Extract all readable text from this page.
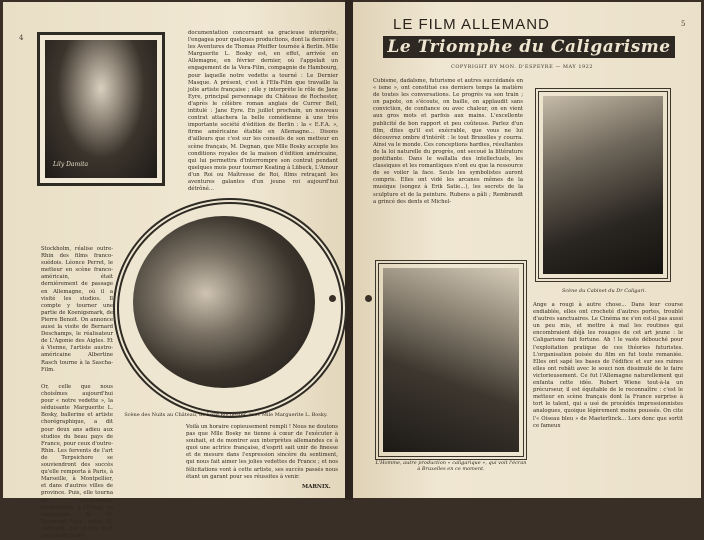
4
Lily Damita
documentation concernant sa gracieuse interprète, l'engagea pour quelques productions, dont la dernière : les Aventures de Thomas Pfeiffer tournée à Berlin. Mlle Marguerite L. Bosky est, en effet, arrivée en Allemagne, en février dernier, où l'appelait un engagement de la Vera-Film, compagnie de Hambourg, pour laquelle notre vedette a tourné : Le Dernier Masque. A présent, c'est à l'Efa-Film que travaille la jolie artiste française ; elle y interprète le rôle de Jane Eyre, principal personnage du Château de Rochester, d'après le célèbre roman anglais de Currer Bell, intitulé : Jane Eyre. En juillet prochain, un nouveau contrat attachera la belle comédienne à une très importante société d'édition de Berlin : la « E.F.A. », firme américaine établie en Allemagne... Disons d'ailleurs que c'est sur les conseils de son metteur en scène français, M. Degnan, que Mlle Bosky accepte les conditions royales de la maison d'édition américaine, qui lui permettra d'interrompre son contrat pendant quelques mois pour tourner Keating à Lübeck, L'Amour d'un Roi ou Maîtresse de Roi, films retraçant les aventures galantes d'un jeune roi aujourd'hui détrôné...
Stockholm, réalise outre-Rhin des films franco-suédois. Léonce Perret, le metteur en scène franco-américain, était dernièrement de passage en Allemagne, où il a visité les studios. Il compte y tourner une partie de Koenigsmark, de Pierre Benoit. On annonce aussi la visite de Bernard Deschamps, le réalisateur de L'Agonie des Aigles. Et à Vienne, l'artiste austro-américaine Albertine Rasch tourne à la Sascha-Film.
Or, celle que nous choisîmes aujourd'hui pour « notre vedette », la séduisante Marguerite L. Bosky, ballerine et artiste chorégraphique, a dit pour deux ans adieu aux studios du beau pays de France, pour ceux d'outre-Rhin. Les fervents de l'art de Terpsichore se souviendront des succès qu'elle remporta à Paris, à Marseille, à Montpellier, et dans d'autres villes de province. Puis, elle tourna de nombreuses productions, à l'Éclair, en compagnie de M. Raymond Frau ; enfin, M. Mornard, qui voulut bien compléter notre
Scène des Nuits au Château, de Lord Rochester, avec Mlle Marguerite L. Bosky.
Voilà un horaire copieusement rempli ! Nous ne doutons pas que Mlle Bosky ne tienne à cœur de l'exécuter à souhait, et de montrer aux interprètes allemandes ce à quoi une actrice française, d'esprit sait unir de finesse et de mesure dans l'expression sincère du sentiment, qui nous fait aimer les jolies vedettes de France ; et nos félicitations vont à cette artiste, ses succès passés nous étant un garant pour ses réussites à venir.
MARNIX.
5
LE FILM ALLEMAND
Le Triomphe du Caligarisme
COPYRIGHT BY MON. D'ESPEYRE — MAY 1922
Cubisme, dadaïsme, futurisme et autres succédanés en « isme », ont constitué ces derniers temps la matière de toutes les conversations. Le progrès va son train ; on papote, on s'écoute, on baille, on applaudit sans conviction, de confiance ou avec chaleur, on en vient aux gros mots et parfois aux mains. L'excellente publicité de bon rapport et peu coûteuse. Parlez d'un film, dites qu'il est exécrable, que vous ne lui découvrez ombre d'intérêt : le tout Bruxelles y courra. Ainsi va le monde. Ces conceptions hardies, résultantes de la loi naturelle du progrès, ont secoué la littérature pontifiante. Dans le wallalla des intellectuels, les classiques et les romantiques n'ont eu que la ressource de se voiler la face. Seuls les symbolistes auront compris. Elles ont vidé les arcanes mêmes de la musique (songez à Erik Satie...), les secrets de la sculpture et de la peinture. Rubens a pâli ; Rembrandt a grincé des dents et Michel-
Scène du Cabinet du Dr Caligari.
L'Homme, autre production « caligarique », qui voit l'écran à Bruxelles en ce moment.
Ange a rougi à autre chose... Dans leur course endiablée, elles ont crocheté d'autres portes, troublé d'autres sanctuaires. Le Cinéma ne s'en est-il pas aussi un peu mis, et mettre à mal les routines qui encombraient déjà les rouages de cet art jeune : le Caligarisme fait fortune. Ah ! le vaste débouché pour l'exploitation pratique de ces théories futuristes. L'organisation poisée du film en fut toute remaniée. Elles ont sapé les bases de l'édifice et sur ses ruines elles ont rebâti avec le souci non dissimulé de le faire victorieusement. Ce fut l'Allemagne naturellement qui enfanta cette idée. Robert Wiene tout-à-la un précurseur, il est équitable de le reconnaître : c'est le metteur en scène français dont la France surprise à tort le talent, qui a usé de procédés impressionnistes analogues, quoique légèrement moins poussés. On cite l'« Oiseau bleu » de Maeterlinck... Lors donc que sortit ce fameux
